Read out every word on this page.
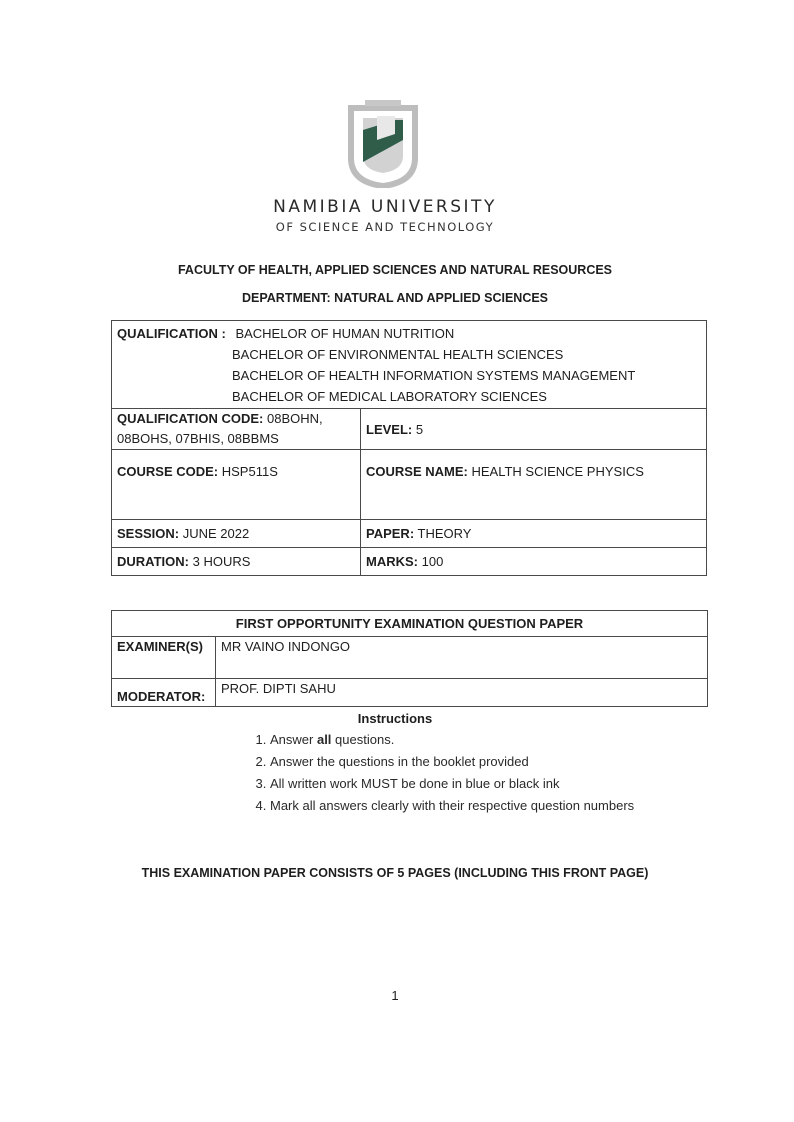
NAMIBIA UNIVERSITY
OF SCIENCE AND TECHNOLOGY
FACULTY OF HEALTH, APPLIED SCIENCES AND NATURAL RESOURCES
DEPARTMENT: NATURAL AND APPLIED SCIENCES
QUALIFICATION : BACHELOR OF HUMAN NUTRITION
BACHELOR OF ENVIRONMENTAL HEALTH SCIENCES
BACHELOR OF HEALTH INFORMATION SYSTEMS MANAGEMENT
BACHELOR OF MEDICAL LABORATORY SCIENCES	

QUALIFICATION CODE: 08BOHN,
08BOHS, 07BHIS, 08BBMS	LEVEL: 5
COURSE CODE: HSP511S	COURSE NAME: HEALTH SCIENCE PHYSICS
SESSION: JUNE 2022	PAPER: THEORY
DURATION: 3 HOURS	MARKS: 100
FIRST OPPORTUNITY EXAMINATION QUESTION PAPER	
EXAMINER(S)	MR VAINO INDONGO
MODERATOR:	PROF. DIPTI SAHU
Instructions
1. Answer all questions.
2. Answer the questions in the booklet provided
3. All written work MUST be done in blue or black ink
4. Mark all answers clearly with their respective question numbers
THIS EXAMINATION PAPER CONSISTS OF 5 PAGES (INCLUDING THIS FRONT PAGE)
1
